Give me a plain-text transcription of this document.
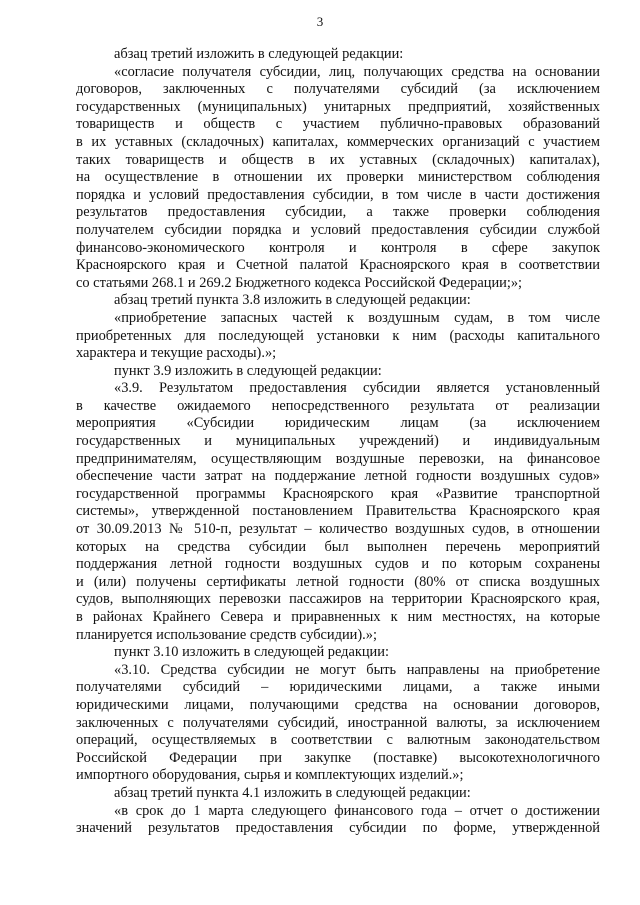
3
абзац третий изложить в следующей редакции:
«согласие получателя субсидии, лиц, получающих средства на основании
договоров, заключенных с получателями субсидий (за исключением
государственных (муниципальных) унитарных предприятий, хозяйственных
товариществ и обществ с участием публично-правовых образований
в их уставных (складочных) капиталах, коммерческих организаций с участием
таких товариществ и обществ в их уставных (складочных) капиталах),
на осуществление в отношении их проверки министерством соблюдения
порядка и условий предоставления субсидии, в том числе в части достижения
результатов предоставления субсидии, а также проверки соблюдения
получателем субсидии порядка и условий предоставления субсидии службой
финансово-экономического контроля и контроля в сфере закупок
Красноярского края и Счетной палатой Красноярского края в соответствии
со статьями 268.1 и 269.2 Бюджетного кодекса Российской Федерации;»;
абзац третий пункта 3.8 изложить в следующей редакции:
«приобретение запасных частей к воздушным судам, в том числе
приобретенных для последующей установки к ним (расходы капитального
характера и текущие расходы).»;
пункт 3.9 изложить в следующей редакции:
«3.9. Результатом предоставления субсидии является установленный
в качестве ожидаемого непосредственного результата от реализации
мероприятия «Субсидии юридическим лицам (за исключением
государственных и муниципальных учреждений) и индивидуальным
предпринимателям, осуществляющим воздушные перевозки, на финансовое
обеспечение части затрат на поддержание летной годности воздушных судов»
государственной программы Красноярского края «Развитие транспортной
системы», утвержденной постановлением Правительства Красноярского края
от 30.09.2013 № 510-п, результат – количество воздушных судов, в отношении
которых на средства субсидии был выполнен перечень мероприятий
поддержания летной годности воздушных судов и по которым сохранены
и (или) получены сертификаты летной годности (80% от списка воздушных
судов, выполняющих перевозки пассажиров на территории Красноярского края,
в районах Крайнего Севера и приравненных к ним местностях, на которые
планируется использование средств субсидии).»;
пункт 3.10 изложить в следующей редакции:
«3.10. Средства субсидии не могут быть направлены на приобретение
получателями субсидий – юридическими лицами, а также иными
юридическими лицами, получающими средства на основании договоров,
заключенных с получателями субсидий, иностранной валюты, за исключением
операций, осуществляемых в соответствии с валютным законодательством
Российской Федерации при закупке (поставке) высокотехнологичного
импортного оборудования, сырья и комплектующих изделий.»;
абзац третий пункта 4.1 изложить в следующей редакции:
«в срок до 1 марта следующего финансового года – отчет о достижении
значений результатов предоставления субсидии по форме, утвержденной
